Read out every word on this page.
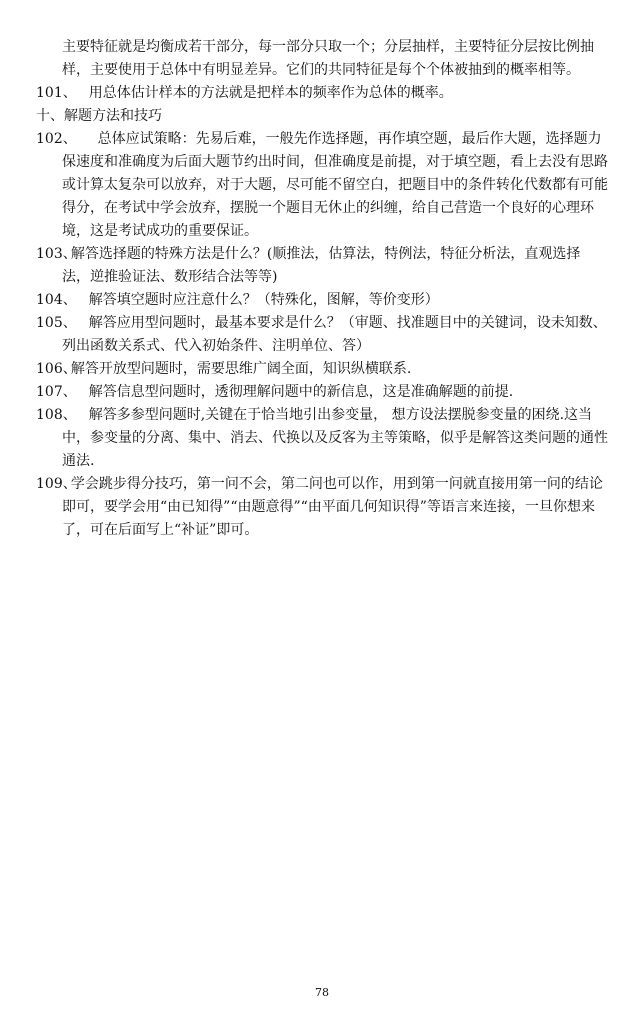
主要特征就是均衡成若干部分，每一部分只取一个；分层抽样，主要特征分层按比例抽样，主要使用于总体中有明显差异。它们的共同特征是每个个体被抽到的概率相等。

101、
用总体估计样本的方法就是把样本的频率作为总体的概率。

十、解题方法和技巧

102、	总体应试策略：先易后难，一般先作选择题，再作填空题，最后作大题，选择题力保速度和准确度为后面大题节约出时间，但准确度是前提，对于填空题，看上去没有思路或计算太复杂可以放弃，对于大题，尽可能不留空白，把题目中的条件转化代数都有可能得分，在考试中学会放弃，摆脱一个题目无休止的纠缠，给自己营造一个良好的心理环境，这是考试成功的重要保证。
103、
解答选择题的特殊方法是什么？(顺推法，估算法，特例法，特征分析法，直观选择法，逆推验证法、数形结合法等等)
104、 解答填空题时应注意什么？（特殊化，图解，等价变形）
105、 解答应用型问题时，最基本要求是什么？（审题、找准题目中的关键词，设未知数、列出函数关系式、代入初始条件、注明单位、答）
106、
解答开放型问题时，需要思维广阔全面，知识纵横联系.
107、 解答信息型问题时，透彻理解问题中的新信息，这是准确解题的前提.
108、 解答多参型问题时,关键在于恰当地引出参变量， 想方设法摆脱参变量的困绕.这当中，参变量的分离、集中、消去、代换以及反客为主等策略，似乎是解答这类问题的通性通法.
109、
学会跳步得分技巧，第一问不会，第二问也可以作，用到第一问就直接用第一问的结论即可，要学会用“由已知得”“由题意得”“由平面几何知识得”等语言来连接，一旦你想来了，可在后面写上“补证”即可。
78
